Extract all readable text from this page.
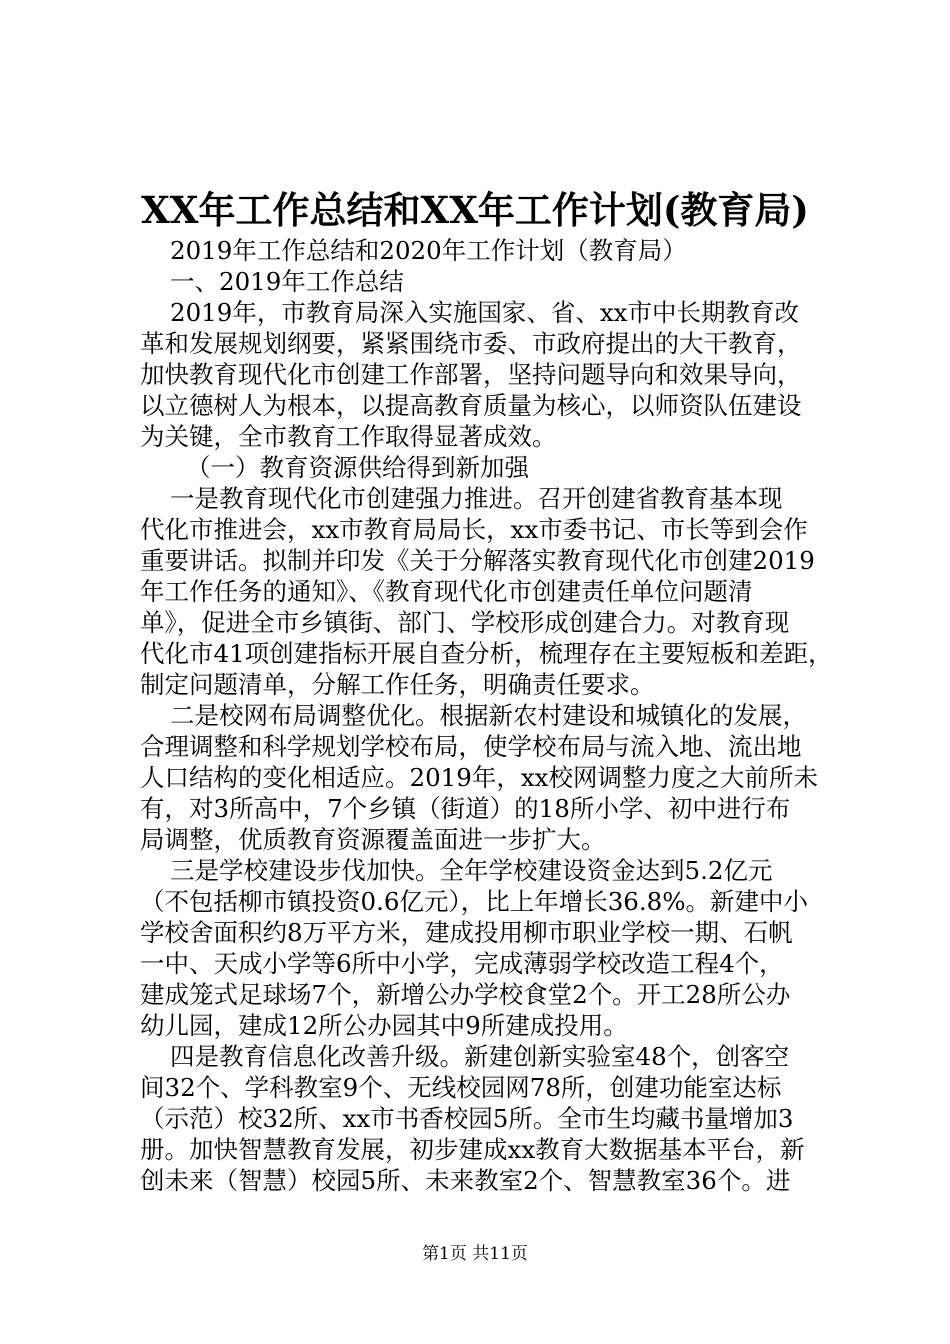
XX年工作总结和XX年工作计划(教育局)
2019年工作总结和2020年工作计划（教育局）
一、2019年工作总结
2019年，市教育局深入实施国家、省、xx市中长期教育改
革和发展规划纲要，紧紧围绕市委、市政府提出的大干教育，
加快教育现代化市创建工作部署，坚持问题导向和效果导向，
以立德树人为根本，以提高教育质量为核心，以师资队伍建设
为关键，全市教育工作取得显著成效。
（一）教育资源供给得到新加强
一是教育现代化市创建强力推进。召开创建省教育基本现
代化市推进会，xx市教育局局长，xx市委书记、市长等到会作
重要讲话。拟制并印发《关于分解落实教育现代化市创建2019
年工作任务的通知》、《教育现代化市创建责任单位问题清
单》，促进全市乡镇街、部门、学校形成创建合力。对教育现
代化市41项创建指标开展自查分析，梳理存在主要短板和差距，
制定问题清单，分解工作任务，明确责任要求。
二是校网布局调整优化。根据新农村建设和城镇化的发展，
合理调整和科学规划学校布局，使学校布局与流入地、流出地
人口结构的变化相适应。2019年，xx校网调整力度之大前所未
有，对3所高中，7个乡镇（街道）的18所小学、初中进行布
局调整，优质教育资源覆盖面进一步扩大。
三是学校建设步伐加快。全年学校建设资金达到5.2亿元
（不包括柳市镇投资0.6亿元），比上年增长36.8%。新建中小
学校舍面积约8万平方米，建成投用柳市职业学校一期、石帆
一中、天成小学等6所中小学，完成薄弱学校改造工程4个，
建成笼式足球场7个，新增公办学校食堂2个。开工28所公办
幼儿园，建成12所公办园其中9所建成投用。
四是教育信息化改善升级。新建创新实验室48个，创客空
间32个、学科教室9个、无线校园网78所，创建功能室达标
（示范）校32所、xx市书香校园5所。全市生均藏书量增加3
册。加快智慧教育发展，初步建成xx教育大数据基本平台，新
创未来（智慧）校园5所、未来教室2个、智慧教室36个。进
第1页 共11页
